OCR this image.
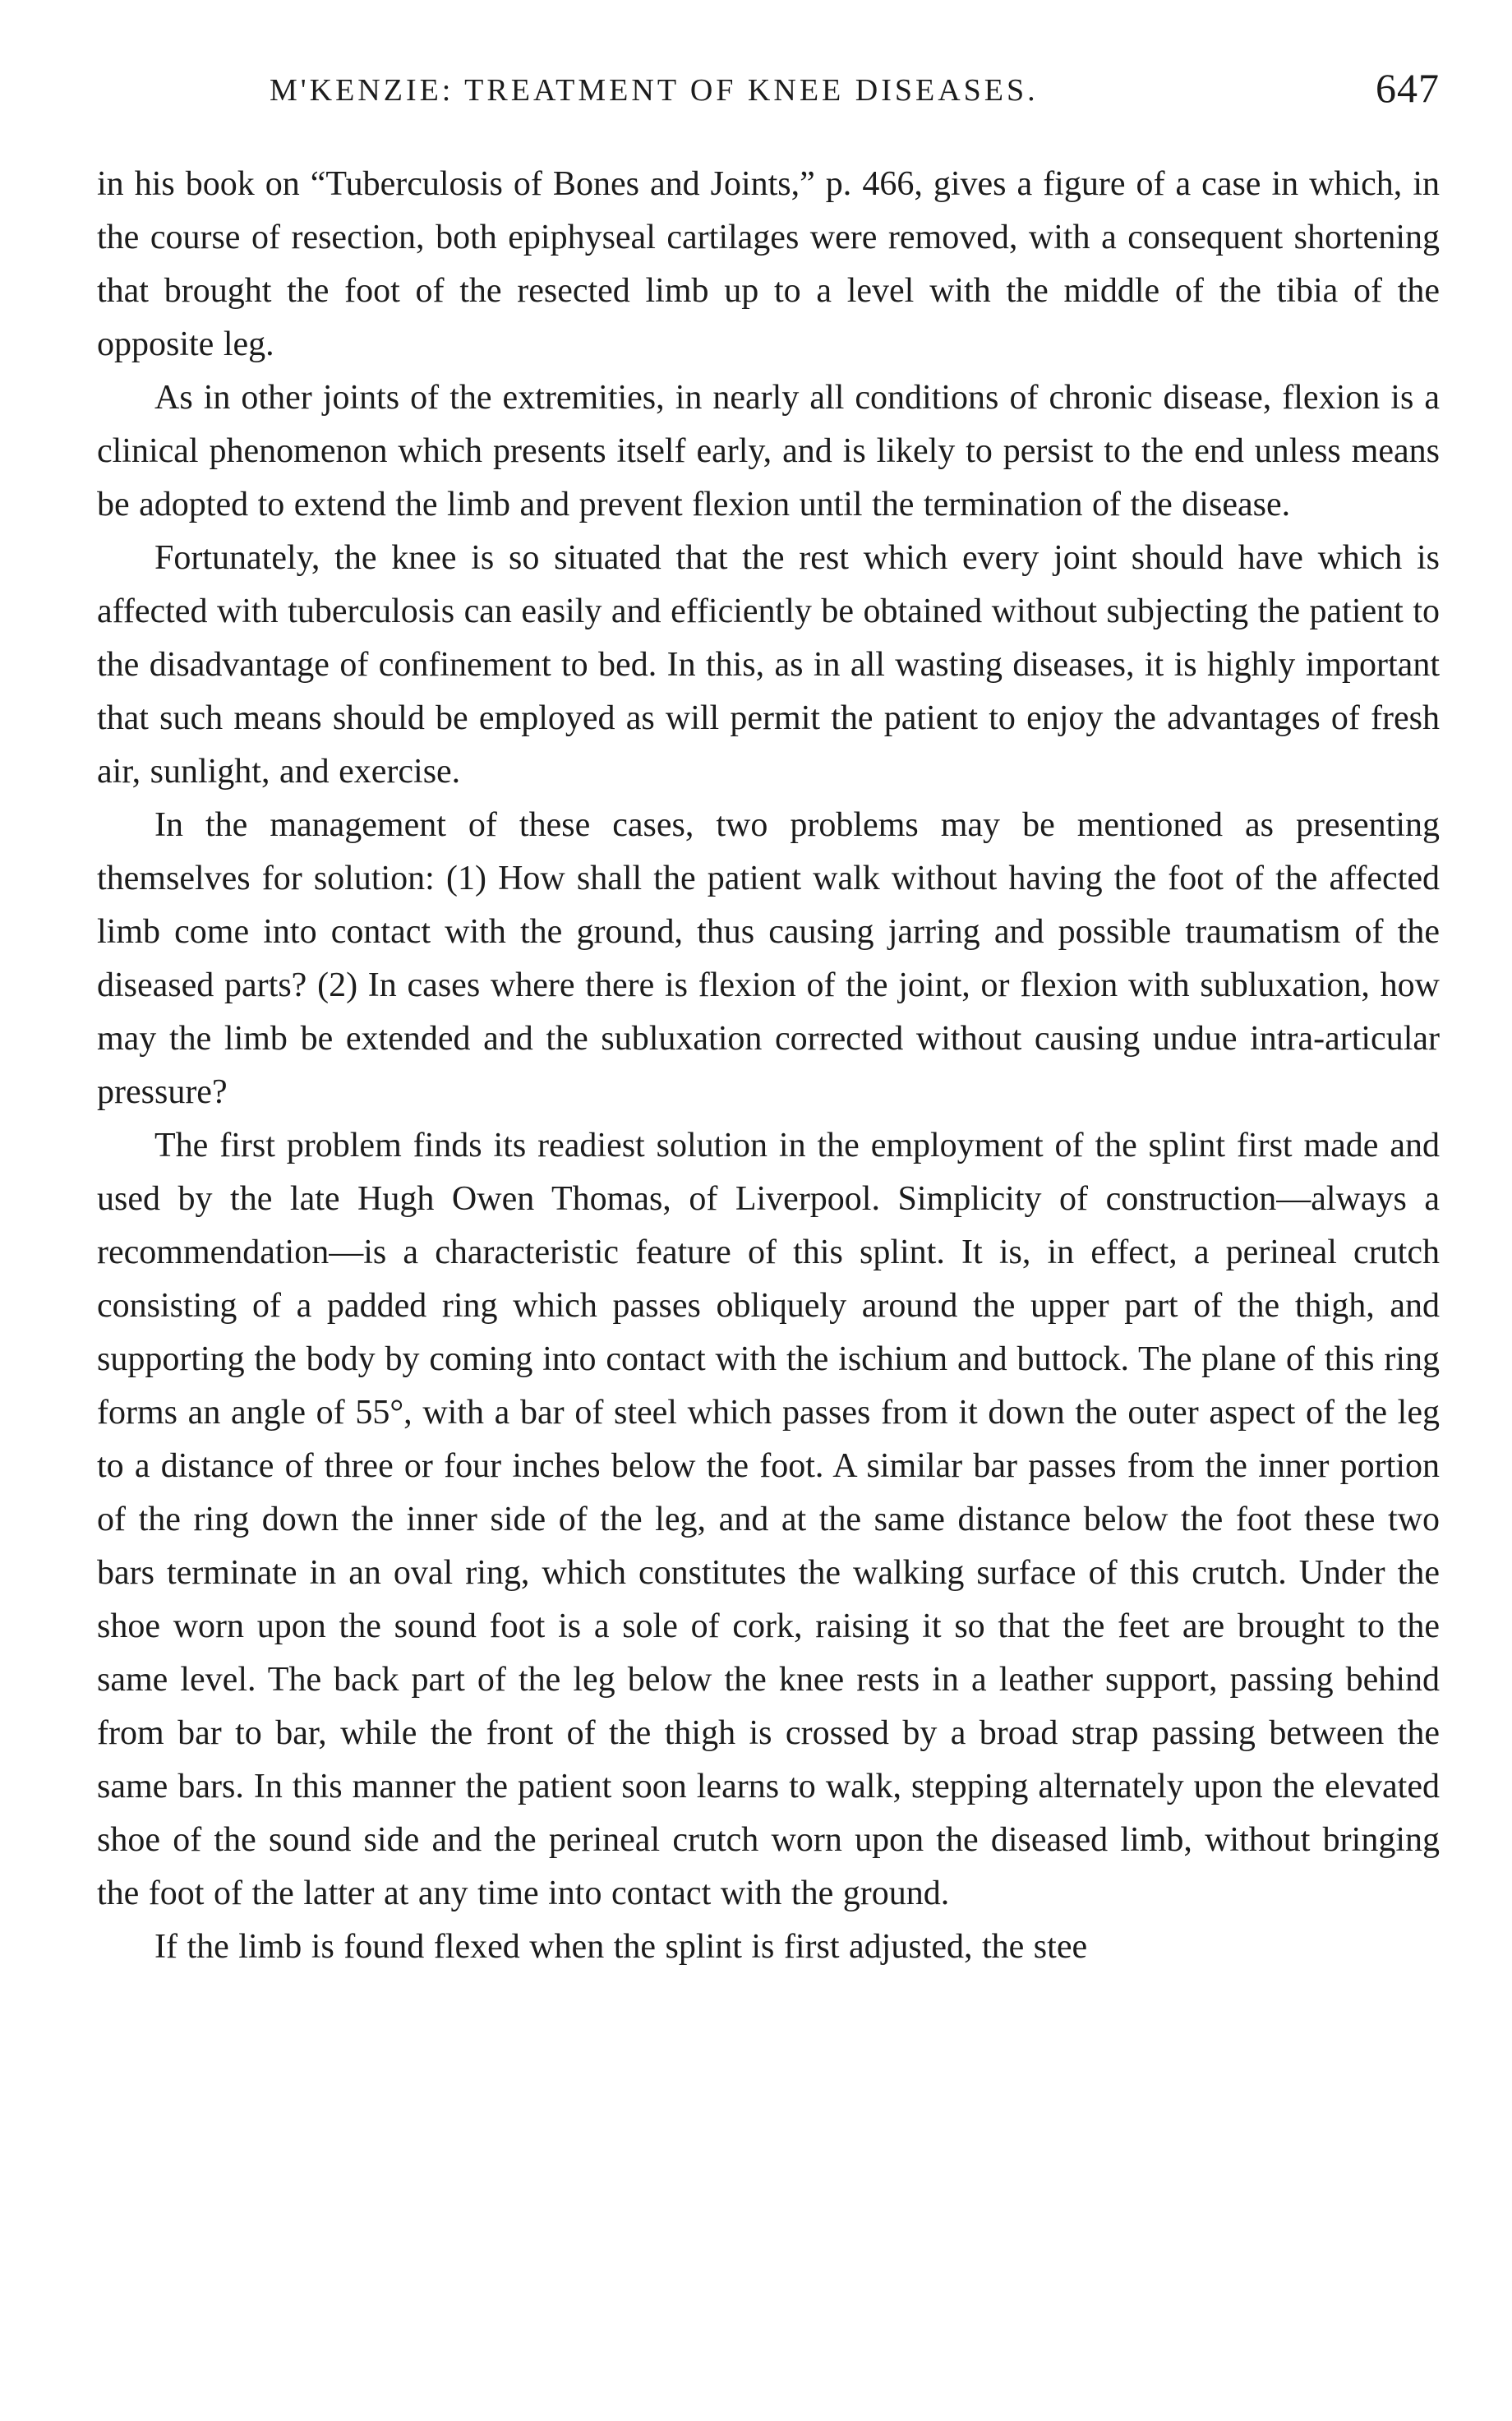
M'KENZIE: TREATMENT OF KNEE DISEASES.	647

in his book on “Tuberculosis of Bones and Joints,” p. 466, gives a figure of a case in which, in the course of resection, both epiphyseal cartilages were removed, with a consequent shortening that brought the foot of the resected limb up to a level with the middle of the tibia of the opposite leg.

As in other joints of the extremities, in nearly all conditions of chronic disease, flexion is a clinical phenomenon which presents itself early, and is likely to persist to the end unless means be adopted to extend the limb and prevent flexion until the termination of the disease.

Fortunately, the knee is so situated that the rest which every joint should have which is affected with tuberculosis can easily and efficiently be obtained without subjecting the patient to the disadvantage of confinement to bed. In this, as in all wasting diseases, it is highly important that such means should be employed as will permit the patient to enjoy the advantages of fresh air, sunlight, and exercise.

In the management of these cases, two problems may be mentioned as presenting themselves for solution: (1) How shall the patient walk without having the foot of the affected limb come into contact with the ground, thus causing jarring and possible traumatism of the diseased parts? (2) In cases where there is flexion of the joint, or flexion with subluxation, how may the limb be extended and the subluxation corrected without causing undue intra-articular pressure?

The first problem finds its readiest solution in the employment of the splint first made and used by the late Hugh Owen Thomas, of Liverpool. Simplicity of construction—always a recommendation—is a characteristic feature of this splint. It is, in effect, a perineal crutch consisting of a padded ring which passes obliquely around the upper part of the thigh, and supporting the body by coming into contact with the ischium and buttock. The plane of this ring forms an angle of 55°, with a bar of steel which passes from it down the outer aspect of the leg to a distance of three or four inches below the foot. A similar bar passes from the inner portion of the ring down the inner side of the leg, and at the same distance below the foot these two bars terminate in an oval ring, which constitutes the walking surface of this crutch. Under the shoe worn upon the sound foot is a sole of cork, raising it so that the feet are brought to the same level. The back part of the leg below the knee rests in a leather support, passing behind from bar to bar, while the front of the thigh is crossed by a broad strap passing between the same bars. In this manner the patient soon learns to walk, stepping alternately upon the elevated shoe of the sound side and the perineal crutch worn upon the diseased limb, without bringing the foot of the latter at any time into contact with the ground.

If the limb is found flexed when the splint is first adjusted, the stee
